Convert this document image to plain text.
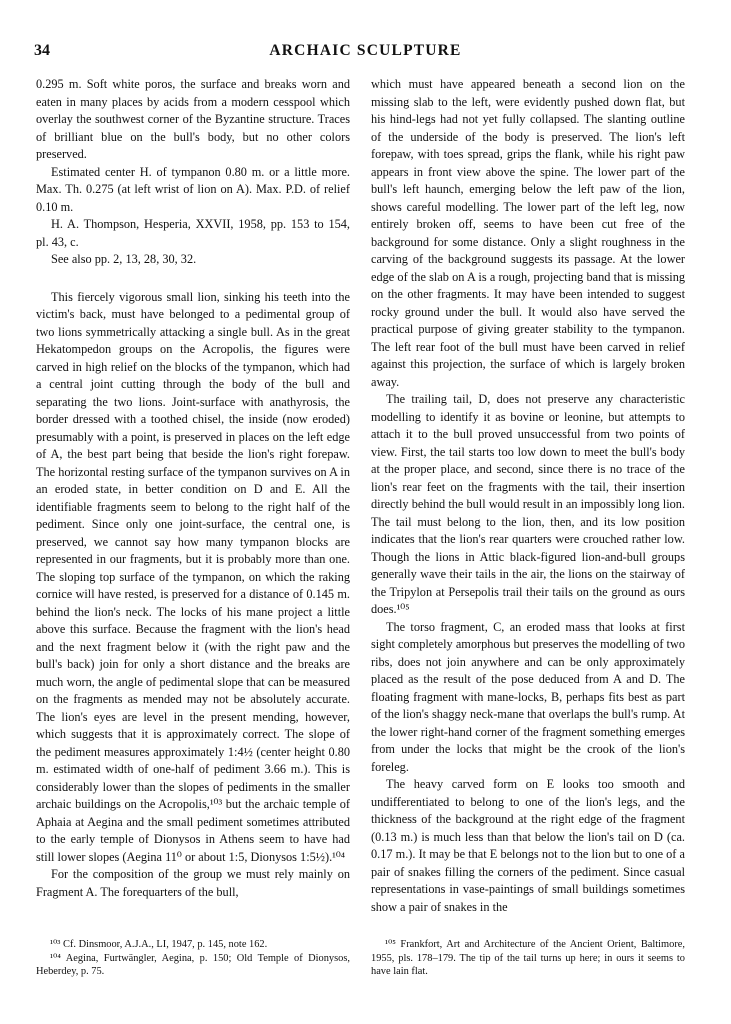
34	ARCHAIC SCULPTURE

0.295 m. Soft white poros, the surface and breaks worn and eaten in many places by acids from a modern cesspool which overlay the southwest corner of the Byzantine structure. Traces of brilliant blue on the bull's body, but no other colors preserved.

Estimated center H. of tympanon 0.80 m. or a little more. Max. Th. 0.275 (at left wrist of lion on A). Max. P.D. of relief 0.10 m.

H. A. Thompson, Hesperia, XXVII, 1958, pp. 153 to 154, pl. 43, c.

See also pp. 2, 13, 28, 30, 32.

This fiercely vigorous small lion, sinking his teeth into the victim's back, must have belonged to a pedimental group of two lions symmetrically attacking a single bull. As in the great Hekatompedon groups on the Acropolis, the figures were carved in high relief on the blocks of the tympanon, which had a central joint cutting through the body of the bull and separating the two lions. Joint-surface with anathyrosis, the border dressed with a toothed chisel, the inside (now eroded) presumably with a point, is preserved in places on the left edge of A, the best part being that beside the lion's right forepaw. The horizontal resting surface of the tympanon survives on A in an eroded state, in better condition on D and E. All the identifiable fragments seem to belong to the right half of the pediment. Since only one joint-surface, the central one, is preserved, we cannot say how many tympanon blocks are represented in our fragments, but it is probably more than one. The sloping top surface of the tympanon, on which the raking cornice will have rested, is preserved for a distance of 0.145 m. behind the lion's neck. The locks of his mane project a little above this surface. Because the fragment with the lion's head and the next fragment below it (with the right paw and the bull's back) join for only a short distance and the breaks are much worn, the angle of pedimental slope that can be measured on the fragments as mended may not be absolutely accurate. The lion's eyes are level in the present mending, however, which suggests that it is approximately correct. The slope of the pediment measures approximately 1:4½ (center height 0.80 m. estimated width of one-half of pediment 3.66 m.). This is considerably lower than the slopes of pediments in the smaller archaic buildings on the Acropolis,¹⁰³ but the archaic temple of Aphaia at Aegina and the small pediment sometimes attributed to the early temple of Dionysos in Athens seem to have had still lower slopes (Aegina 11⁰ or about 1:5, Dionysos 1:5½).¹⁰⁴

For the composition of the group we must rely mainly on Fragment A. The forequarters of the bull,

which must have appeared beneath a second lion on the missing slab to the left, were evidently pushed down flat, but his hind-legs had not yet fully collapsed. The slanting outline of the underside of the body is preserved. The lion's left forepaw, with toes spread, grips the flank, while his right paw appears in front view above the spine. The lower part of the bull's left haunch, emerging below the left paw of the lion, shows careful modelling. The lower part of the left leg, now entirely broken off, seems to have been cut free of the background for some distance. Only a slight roughness in the carving of the background suggests its passage. At the lower edge of the slab on A is a rough, projecting band that is missing on the other fragments. It may have been intended to suggest rocky ground under the bull. It would also have served the practical purpose of giving greater stability to the tympanon. The left rear foot of the bull must have been carved in relief against this projection, the surface of which is largely broken away.

The trailing tail, D, does not preserve any characteristic modelling to identify it as bovine or leonine, but attempts to attach it to the bull proved unsuccessful from two points of view. First, the tail starts too low down to meet the bull's body at the proper place, and second, since there is no trace of the lion's rear feet on the fragments with the tail, their insertion directly behind the bull would result in an impossibly long lion. The tail must belong to the lion, then, and its low position indicates that the lion's rear quarters were crouched rather low. Though the lions in Attic black-figured lion-and-bull groups generally wave their tails in the air, the lions on the stairway of the Tripylon at Persepolis trail their tails on the ground as ours does.¹⁰⁵

The torso fragment, C, an eroded mass that looks at first sight completely amorphous but preserves the modelling of two ribs, does not join anywhere and can be only approximately placed as the result of the pose deduced from A and D. The floating fragment with mane-locks, B, perhaps fits best as part of the lion's shaggy neck-mane that overlaps the bull's rump. At the lower right-hand corner of the fragment something emerges from under the locks that might be the crook of the lion's foreleg.

The heavy carved form on E looks too smooth and undifferentiated to belong to one of the lion's legs, and the thickness of the background at the right edge of the fragment (0.13 m.) is much less than that below the lion's tail on D (ca. 0.17 m.). It may be that E belongs not to the lion but to one of a pair of snakes filling the corners of the pediment. Since casual representations in vase-paintings of small buildings sometimes show a pair of snakes in the

¹⁰³ Cf. Dinsmoor, A.J.A., LI, 1947, p. 145, note 162.

¹⁰⁴ Aegina, Furtwängler, Aegina, p. 150; Old Temple of Dionysos, Heberdey, p. 75.

¹⁰⁵ Frankfort, Art and Architecture of the Ancient Orient, Baltimore, 1955, pls. 178–179. The tip of the tail turns up here; in ours it seems to have lain flat.
